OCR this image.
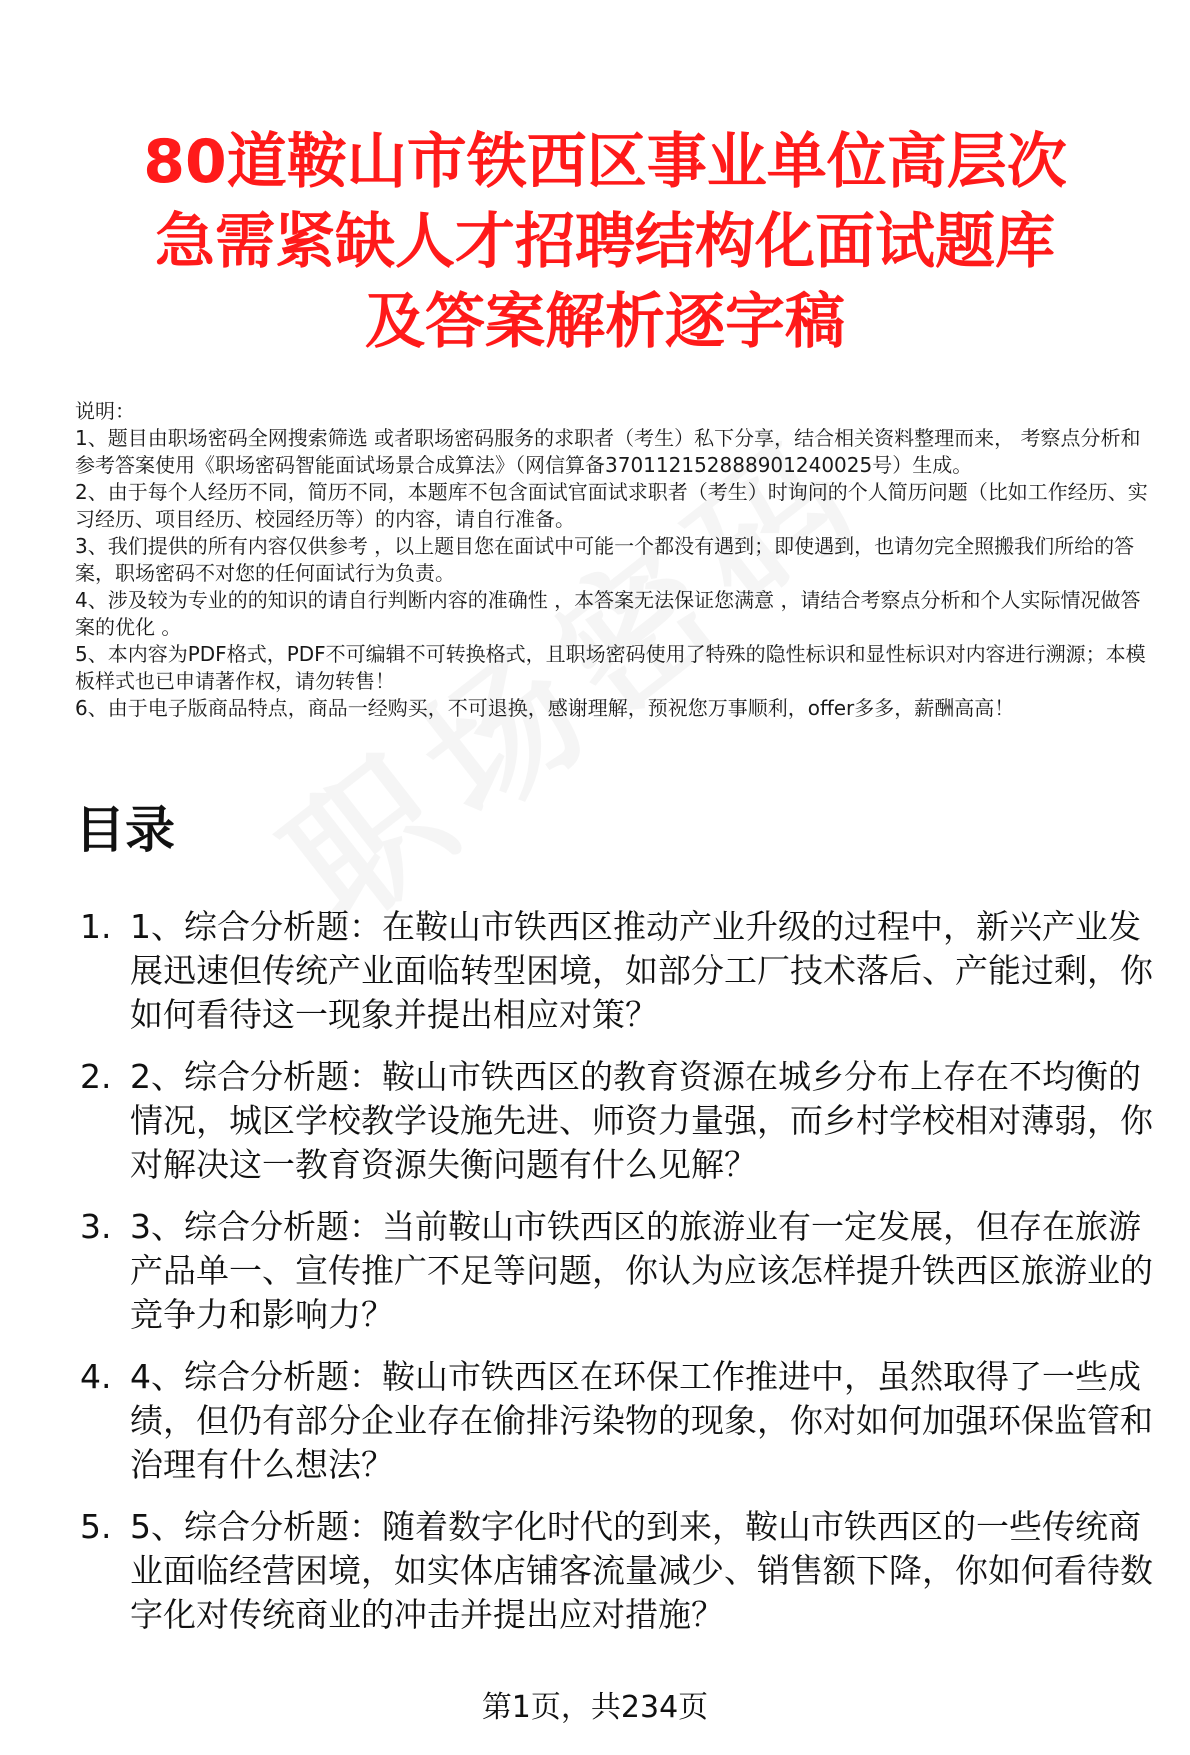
80道鞍山市铁西区事业单位高层次
急需紧缺人才招聘结构化面试题库
及答案解析逐字稿
说明：
1、题目由职场密码全网搜索筛选 或者职场密码服务的求职者（考生）私下分享，结合相关资料整理而来， 考察点分析和参考答案使用《职场密码智能面试场景合成算法》（网信算备370112152888901240025号）生成。
2、由于每个人经历不同，简历不同，本题库不包含面试官面试求职者（考生）时询问的个人简历问题（比如工作经历、实习经历、项目经历、校园经历等）的内容，请自行准备。
3、我们提供的所有内容仅供参考 ，以上题目您在面试中可能一个都没有遇到；即使遇到，也请勿完全照搬我们所给的答案，职场密码不对您的任何面试行为负责。
4、涉及较为专业的的知识的请自行判断内容的准确性 ，本答案无法保证您满意 ，请结合考察点分析和个人实际情况做答案的优化 。
5、本内容为PDF格式，PDF不可编辑不可转换格式，且职场密码使用了特殊的隐性标识和显性标识对内容进行溯源；本模板样式也已申请著作权，请勿转售！
6、由于电子版商品特点，商品一经购买，不可退换，感谢理解，预祝您万事顺利，offer多多，薪酬高高！
目录
1. 1、综合分析题：在鞍山市铁西区推动产业升级的过程中，新兴产业发展迅速但传统产业面临转型困境，如部分工厂技术落后、产能过剩，你如何看待这一现象并提出相应对策？
2. 2、综合分析题：鞍山市铁西区的教育资源在城乡分布上存在不均衡的情况，城区学校教学设施先进、师资力量强，而乡村学校相对薄弱，你对解决这一教育资源失衡问题有什么见解？
3. 3、综合分析题：当前鞍山市铁西区的旅游业有一定发展，但存在旅游产品单一、宣传推广不足等问题，你认为应该怎样提升铁西区旅游业的竞争力和影响力？
4. 4、综合分析题：鞍山市铁西区在环保工作推进中，虽然取得了一些成绩，但仍有部分企业存在偷排污染物的现象，你对如何加强环保监管和治理有什么想法？
5. 5、综合分析题：随着数字化时代的到来，鞍山市铁西区的一些传统商业面临经营困境，如实体店铺客流量减少、销售额下降，你如何看待数字化对传统商业的冲击并提出应对措施？
第1页，共234页
